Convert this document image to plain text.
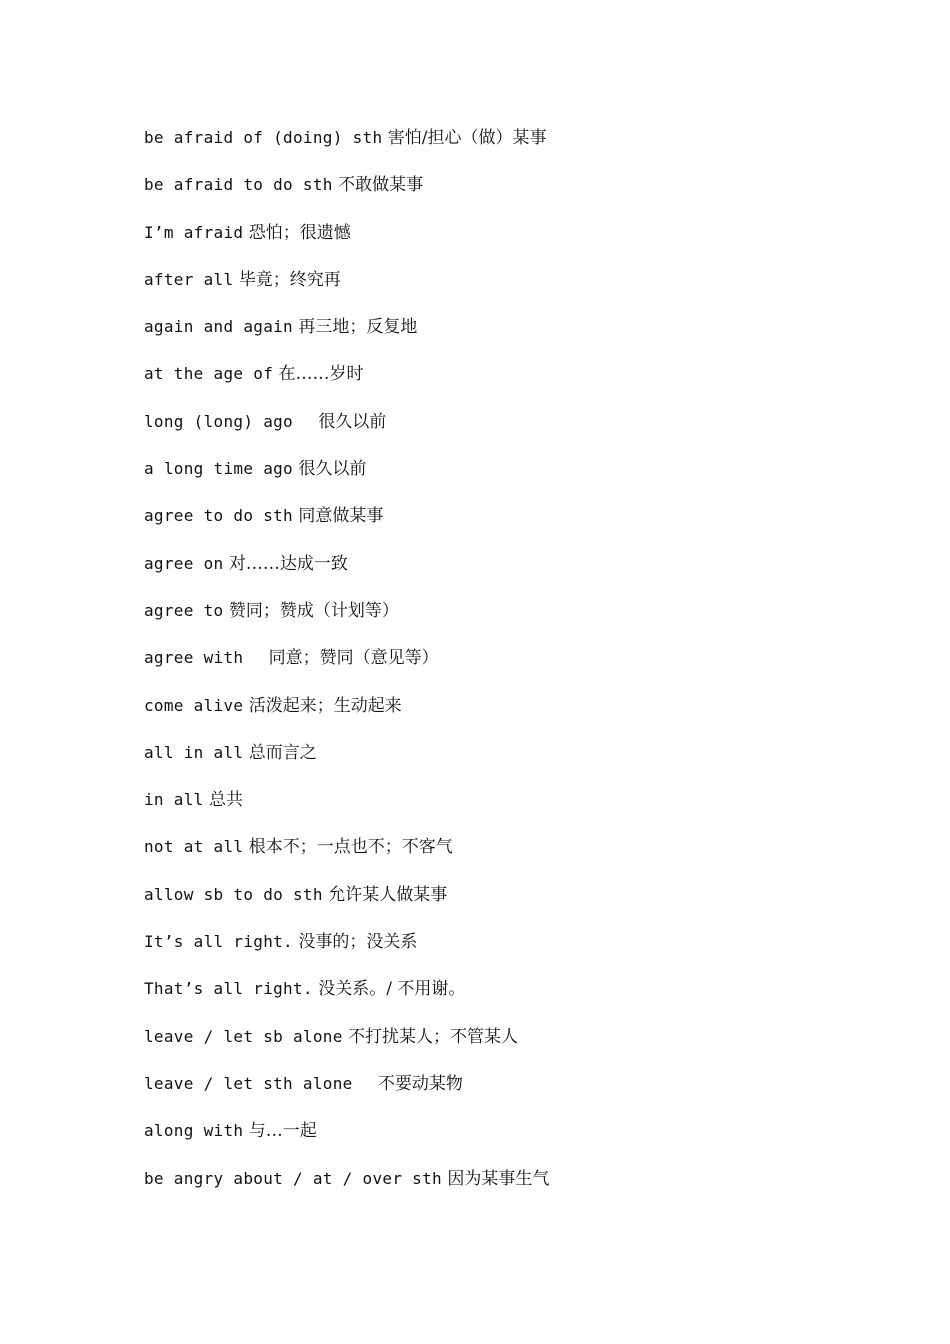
be afraid of (doing) sth 害怕/担心（做）某事
be afraid to do sth 不敢做某事
I’m afraid 恐怕；很遗憾
after all 毕竟；终究再
again and again 再三地；反复地
at the age of 在……岁时
long (long) ago   很久以前
a long time ago 很久以前
agree to do sth 同意做某事
agree on 对……达成一致
agree to 赞同；赞成（计划等）
agree with   同意；赞同（意见等）
come alive 活泼起来；生动起来
all in all 总而言之
in all 总共
not at all 根本不；一点也不；不客气
allow sb to do sth 允许某人做某事
It’s all right. 没事的；没关系
That’s all right. 没关系。/ 不用谢。
leave / let sb alone 不打扰某人；不管某人
leave / let sth alone   不要动某物
along with 与…一起
be angry about / at / over sth 因为某事生气
